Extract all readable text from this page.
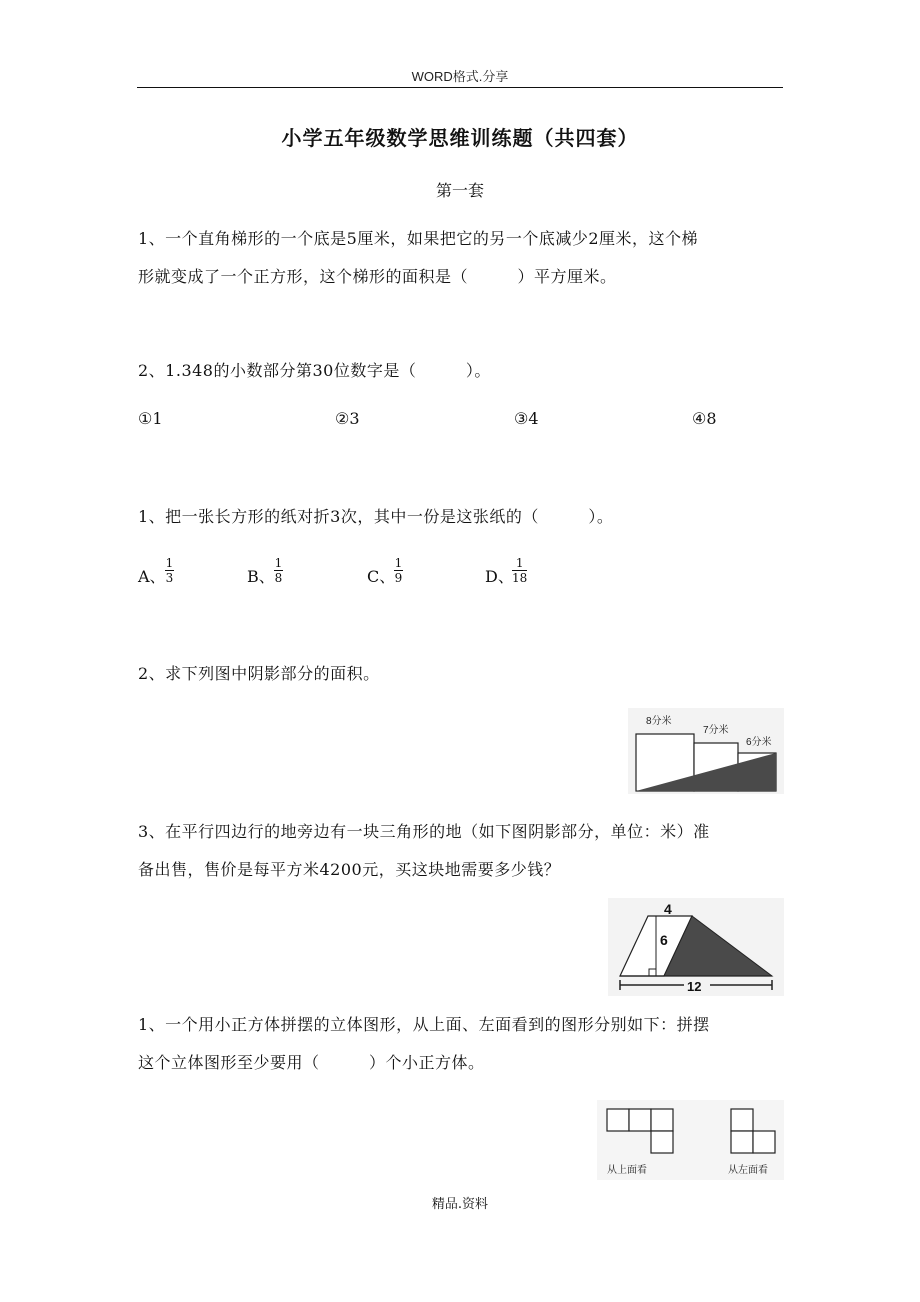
WORD格式.分享
小学五年级数学思维训练题（共四套）
第一套
1、一个直角梯形的一个底是5厘米，如果把它的另一个底减少2厘米，这个梯
形就变成了一个正方形，这个梯形的面积是（　　　）平方厘米。
2、1.348的小数部分第30位数字是（　　　）。
①1	②3	③4	④8
1、把一张长方形的纸对折3次，其中一份是这张纸的（　　　）。
A、
1
3	B、
1
8	C、
1
9	D、
1
18
2、求下列图中阴影部分的面积。
8分米
7分米
6分米
3、在平行四边行的地旁边有一块三角形的地（如下图阴影部分，单位：米）准
备出售，售价是每平方米4200元，买这块地需要多少钱？
4
6
12
1、一个用小正方体拼摆的立体图形，从上面、左面看到的图形分别如下：拼摆
这个立体图形至少要用（　　　）个小正方体。
从上面看	从左面看
精品.资料
